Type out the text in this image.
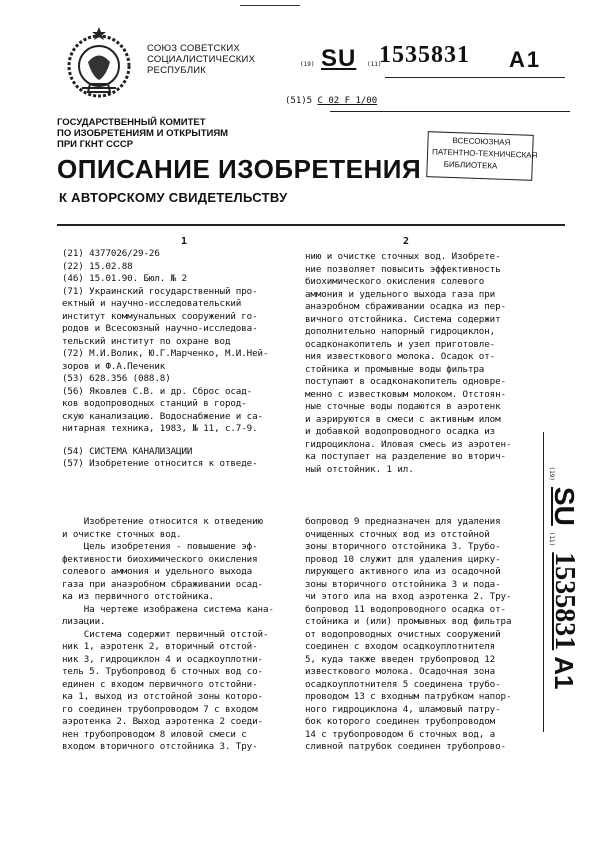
СОЮЗ СОВЕТСКИХ
СОЦИАЛИСТИЧЕСКИХ
РЕСПУБЛИК
(19) SU (11)
1535831 A1
(51)5 C 02 F 1/00
ГОСУДАРСТВЕННЫЙ КОМИТЕТ
ПО ИЗОБРЕТЕНИЯМ И ОТКРЫТИЯМ
ПРИ ГКНТ СССР
ОПИСАНИЕ ИЗОБРЕТЕНИЯ
К АВТОРСКОМУ СВИДЕТЕЛЬСТВУ
ВСЕСОЮЗНАЯ
ПАТЕНТНО-ТЕХНИЧЕСКАЯ
БИБЛИОТЕКА
1	2
(21) 4377026/29-26
(22) 15.02.88
(46) 15.01.90. Бюл. № 2
(71) Украинский государственный про-
ектный и научно-исследовательский
институт коммунальных сооружений го-
родов и Всесоюзный научно-исследова-
тельский институт по охране вод
(72) М.И.Волик, Ю.Г.Марченко, М.И.Ней-
зоров и Ф.А.Печеник
(53) 628.356 (088.8)
(56) Яковлев С.В. и др. Сброс осад-
ков водопроводных станций в город-
скую канализацию. Водоснабжение и са-
нитарная техника, 1983, № 11, с.7-9.
(54) СИСТЕМА КАНАЛИЗАЦИИ
(57) Изобретение относится к отведе-
нию и очистке сточных вод. Изобрете-
ние позволяет повысить эффективность
биохимического окисления солевого
аммония и удельного выхода газа при
анаэробном сбраживании осадка из пер-
вичного отстойника. Система содержит
дополнительно напорный гидроциклон,
осадконакопитель и узел приготовле-
ния известкового молока. Осадок от-
стойника и промывные воды фильтра
поступают в осадконакопитель одновре-
менно с известковым молоком. Отстоян-
ные сточные воды подаются в аэротенк
и аэрируются в смеси с активным илом
и добавкой водопроводного осадка из
гидроциклона. Иловая смесь из аэротен-
ка поступает на разделение во вторич-
ный отстойник. 1 ил.
Изобретение относится к отведению
и очистке сточных вод.
Цель изобретения - повышение эф-
фективности биохимического окисления
солевого аммония и удельного выхода
газа при анаэробном сбраживании осад-
ка из первичного отстойника.
На чертеже изображена система кана-
лизации.
Система содержит первичный отстой-
ник 1, аэротенк 2, вторичный отстой-
ник 3, гидроциклон 4 и осадкоуплотни-
тель 5. Трубопровод 6 сточных вод со-
единен с входом первичного отстойни-
ка 1, выход из отстойной зоны которо-
го соединен трубопроводом 7 с входом
аэротенка 2. Выход аэротенка 2 соеди-
нен трубопроводом 8 иловой смеси с
входом вторичного отстойника 3. Тру-
бопровод 9 предназначен для удаления
очищенных сточных вод из отстойной
зоны вторичного отстойника 3. Трубо-
провод 10 служит для удаления цирку-
лирующего активного ила из осадочной
зоны вторичного отстойника 3 и пода-
чи этого ила на вход аэротенка 2. Тру-
бопровод 11 водопроводного осадка от-
стойника и (или) промывных вод фильтра
от водопроводных очистных сооружений
соединен с входом осадкоуплотнителя
5, куда также введен трубопровод 12
известкового молока. Осадочная зона
осадкоуплотнителя 5 соединена трубо-
проводом 13 с входным патрубком напор-
ного гидроциклона 4, шламовый патру-
бок которого соединен трубопроводом
14 с трубопроводом 6 сточных вод, а
сливной патрубок соединен трубопрово-
(19)
SU
(11)
1535831
A1
